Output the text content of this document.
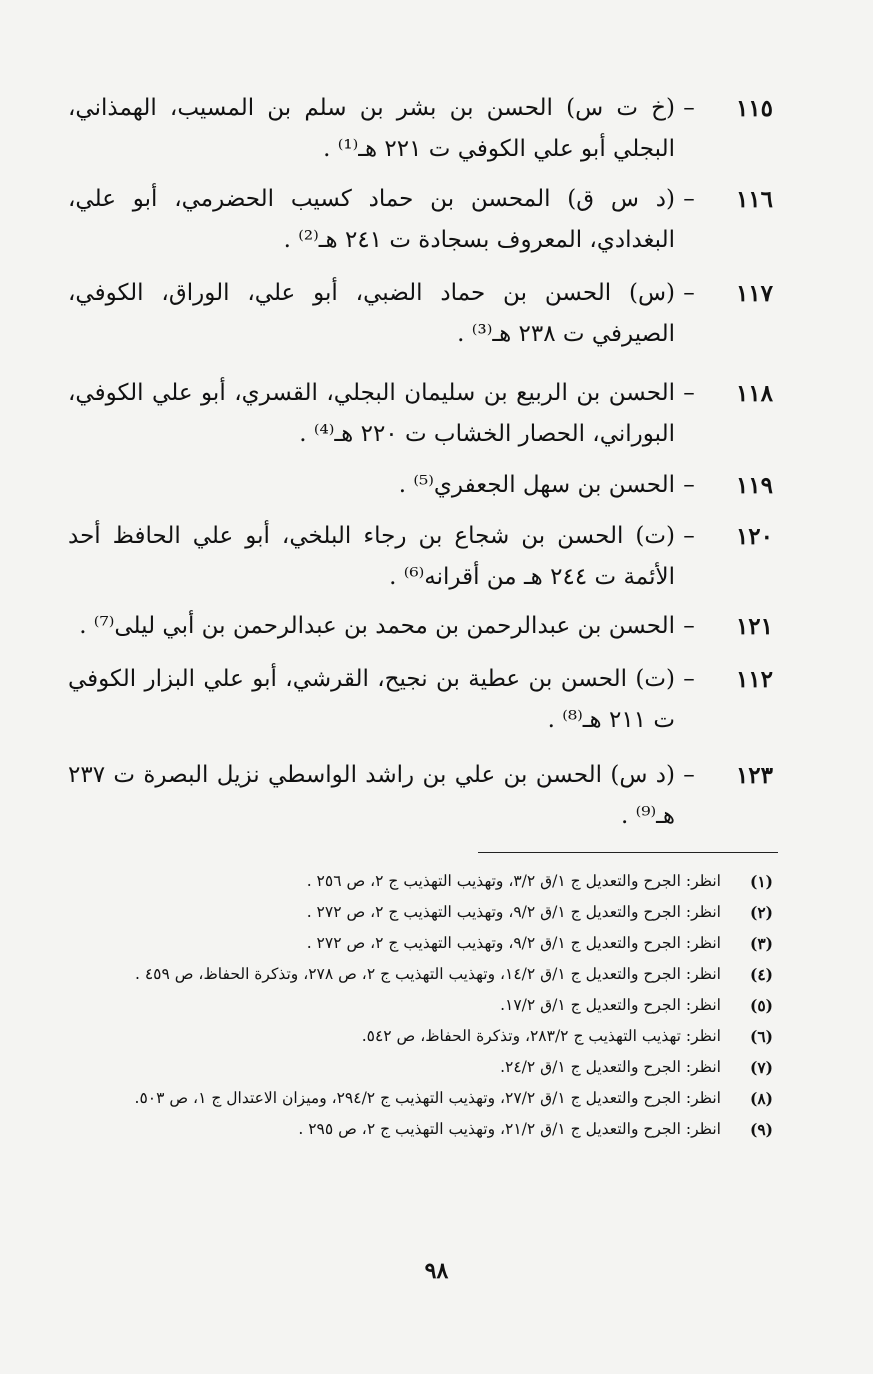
١١٥
–
(خ ت س) الحسن بن بشر بن سلم بن المسيب، الهمذاني، البجلي أبو علي الكوفي ت ٢٢١ هـ⁽¹⁾ .
١١٦
–
(د س ق) المحسن بن حماد كسيب الحضرمي، أبو علي، البغدادي، المعروف بسجادة ت ٢٤١ هـ⁽²⁾ .
١١٧
–
(س) الحسن بن حماد الضبي، أبو علي، الوراق، الكوفي، الصيرفي ت ٢٣٨ هـ⁽³⁾ .
١١٨
–
الحسن بن الربيع بن سليمان البجلي، القسري، أبو علي الكوفي، البوراني، الحصار الخشاب ت ٢٢٠ هـ⁽⁴⁾ .
١١٩
–
الحسن بن سهل الجعفري⁽⁵⁾ .
١٢٠
–
(ت) الحسن بن شجاع بن رجاء البلخي، أبو علي الحافظ أحد الأئمة ت ٢٤٤ هـ من أقرانه⁽⁶⁾ .
١٢١
–
الحسن بن عبدالرحمن بن محمد بن عبدالرحمن بن أبي ليلى⁽⁷⁾ .
١١٢
–
(ت) الحسن بن عطية بن نجيح، القرشي، أبو علي البزار الكوفي ت ٢١١ هـ⁽⁸⁾ .
١٢٣
–
(د س) الحسن بن علي بن راشد الواسطي نزيل البصرة ت ٢٣٧ هـ⁽⁹⁾ .
(١)
انظر: الجرح والتعديل ج ١/ق ٣/٢، وتهذيب التهذيب ج ٢، ص ٢٥٦ .
(٢)
انظر: الجرح والتعديل ج ١/ق ٩/٢، وتهذيب التهذيب ج ٢، ص ٢٧٢ .
(٣)
انظر: الجرح والتعديل ج ١/ق ٩/٢، وتهذيب التهذيب ج ٢، ص ٢٧٢ .
(٤)
انظر: الجرح والتعديل ج ١/ق ١٤/٢، وتهذيب التهذيب ج ٢، ص ٢٧٨، وتذكرة الحفاظ، ص ٤٥٩ .
(٥)
انظر: الجرح والتعديل ج ١/ق ١٧/٢.
(٦)
انظر: تهذيب التهذيب ج ٢٨٣/٢، وتذكرة الحفاظ، ص ٥٤٢.
(٧)
انظر: الجرح والتعديل ج ١/ق ٢٤/٢.
(٨)
انظر: الجرح والتعديل ج ١/ق ٢٧/٢، وتهذيب التهذيب ج ٢٩٤/٢، وميزان الاعتدال ج ١، ص ٥٠٣.
(٩)
انظر: الجرح والتعديل ج ١/ق ٢١/٢، وتهذيب التهذيب ج ٢، ص ٢٩٥ .
٩٨
